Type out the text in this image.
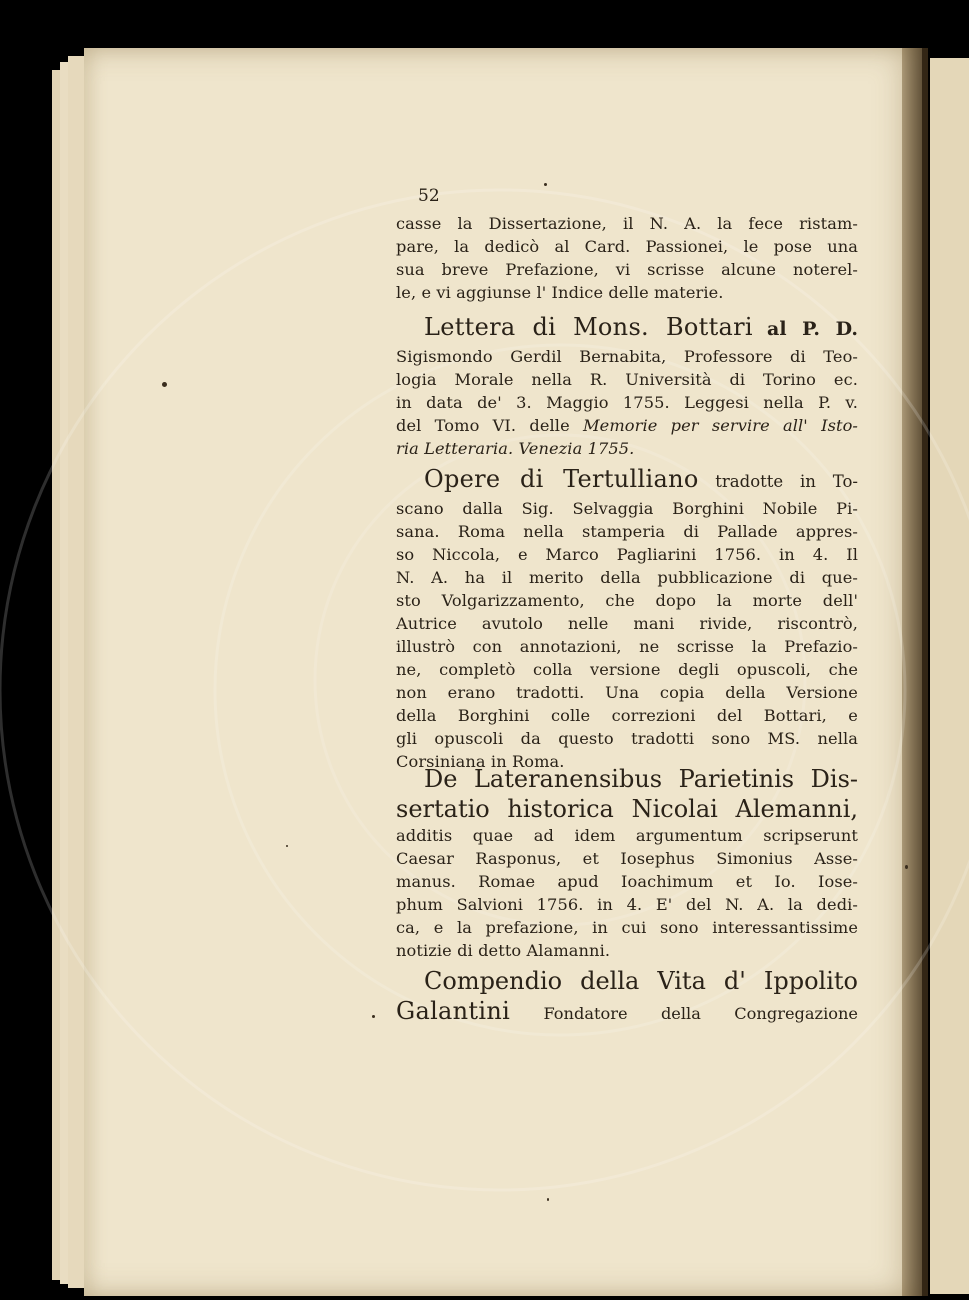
52
casse la Dissertazione, il N. A. la fece ristam-
pare, la dedicò al Card. Passionei, le pose una
sua breve Prefazione, vi scrisse alcune noterel-
le, e vi aggiunse l' Indice delle materie.
Lettera di Mons. Bottari al P. D.
Sigismondo Gerdil Bernabita, Professore di Teo-
logia Morale nella R. Università di Torino ec.
in data de' 3. Maggio 1755. Leggesi nella P. v.
del Tomo VI. delle Memorie per servire all' Isto-
ria Letteraria. Venezia 1755.
Opere di Tertulliano tradotte in To-
scano dalla Sig. Selvaggia Borghini Nobile Pi-
sana. Roma nella stamperia di Pallade appres-
so Niccola, e Marco Pagliarini 1756. in 4. Il
N. A. ha il merito della pubblicazione di que-
sto Volgarizzamento, che dopo la morte dell'
Autrice avutolo nelle mani rivide, riscontrò,
illustrò con annotazioni, ne scrisse la Prefazio-
ne, completò colla versione degli opuscoli, che
non erano tradotti. Una copia della Versione
della Borghini colle correzioni del Bottari, e
gli opuscoli da questo tradotti sono MS. nella
Corsiniana in Roma.
De Lateranensibus Parietinis Dis-
sertatio historica Nicolai Alemanni,
additis quae ad idem argumentum scripserunt
Caesar Rasponus, et Iosephus Simonius Asse-
manus. Romae apud Ioachimum et Io. Iose-
phum Salvioni 1756. in 4. E' del N. A. la dedi-
ca, e la prefazione, in cui sono interessantissime
notizie di detto Alamanni.
Compendio della Vita d' Ippolito
Galantini Fondatore della Congregazione
